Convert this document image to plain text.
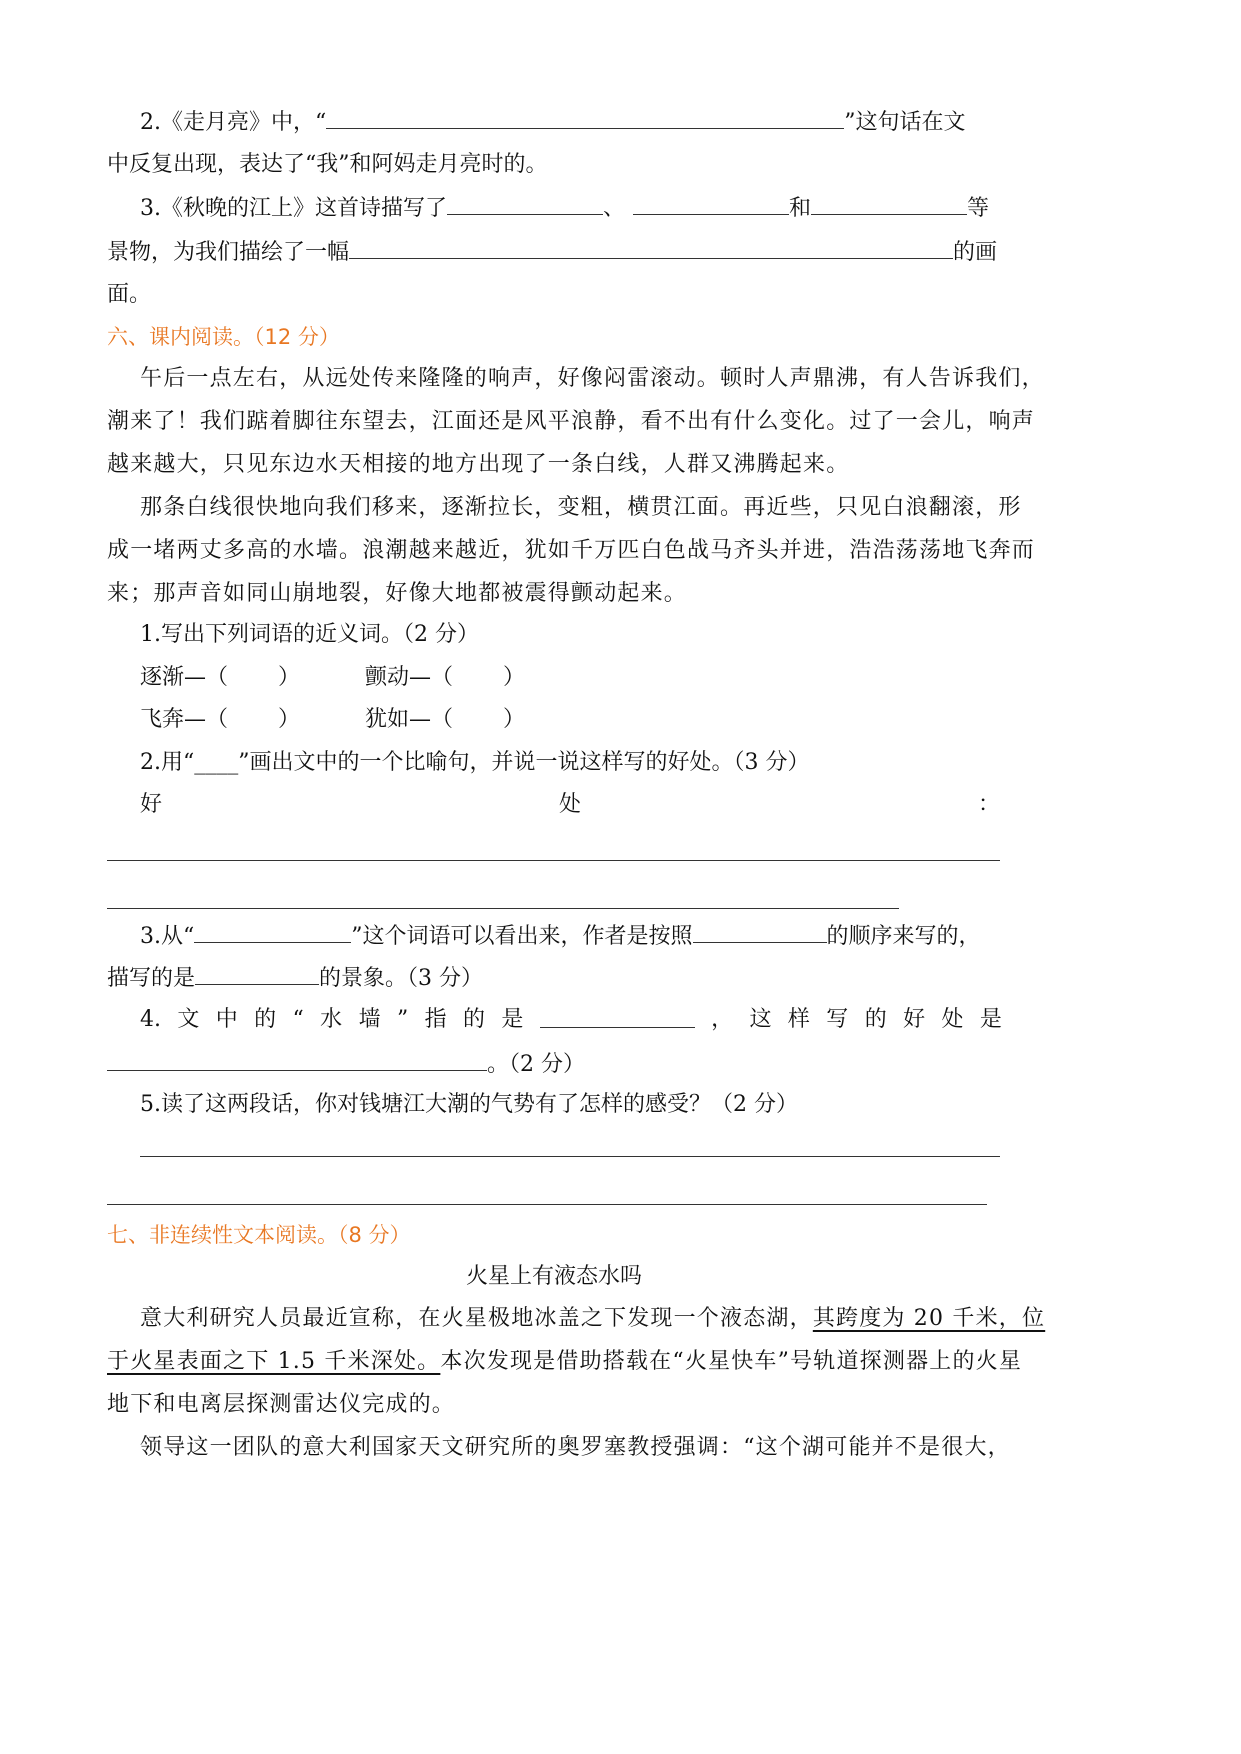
2.《走月亮》中，“	”这句话在文
中反复出现，表达了“我”和阿妈走月亮时的。
3.《秋晚的江上》这首诗描写了	、	和	等
景物，为我们描绘了一幅	的画
面。
六、课内阅读。（12 分）
午后一点左右，从远处传来隆隆的响声，好像闷雷滚动。顿时人声鼎沸，有人告诉我们，
潮来了！我们踮着脚往东望去，江面还是风平浪静，看不出有什么变化。过了一会儿，响声
越来越大，只见东边水天相接的地方出现了一条白线，人群又沸腾起来。
那条白线很快地向我们移来，逐渐拉长，变粗，横贯江面。再近些，只见白浪翻滚，形
成一堵两丈多高的水墙。浪潮越来越近，犹如千万匹白色战马齐头并进，浩浩荡荡地飞奔而
来；那声音如同山崩地裂，好像大地都被震得颤动起来。
1.写出下列词语的近义词。（2 分）
逐渐—（ ）	颤动—（ ）
飞奔—（ ）	犹如—（ ）
2.用“____”画出文中的一个比喻句，并说一说这样写的好处。（3 分）
好	处	：
3.从“	”这个词语可以看出来，作者是按照	的顺序来写的，
描写的是	的景象。（3 分）
4. 文 中 的 “ 水 墙 ” 指 的 是	， 这 样 写 的 好 处 是
。（2 分）
5.读了这两段话，你对钱塘江大潮的气势有了怎样的感受？（2 分）
七、非连续性文本阅读。（8 分）
火星上有液态水吗
意大利研究人员最近宣称，在火星极地冰盖之下发现一个液态湖，其跨度为 20 千米，位
于火星表面之下 1.5 千米深处。本次发现是借助搭载在“火星快车”号轨道探测器上的火星
地下和电离层探测雷达仪完成的。
领导这一团队的意大利国家天文研究所的奥罗塞教授强调：“这个湖可能并不是很大，
